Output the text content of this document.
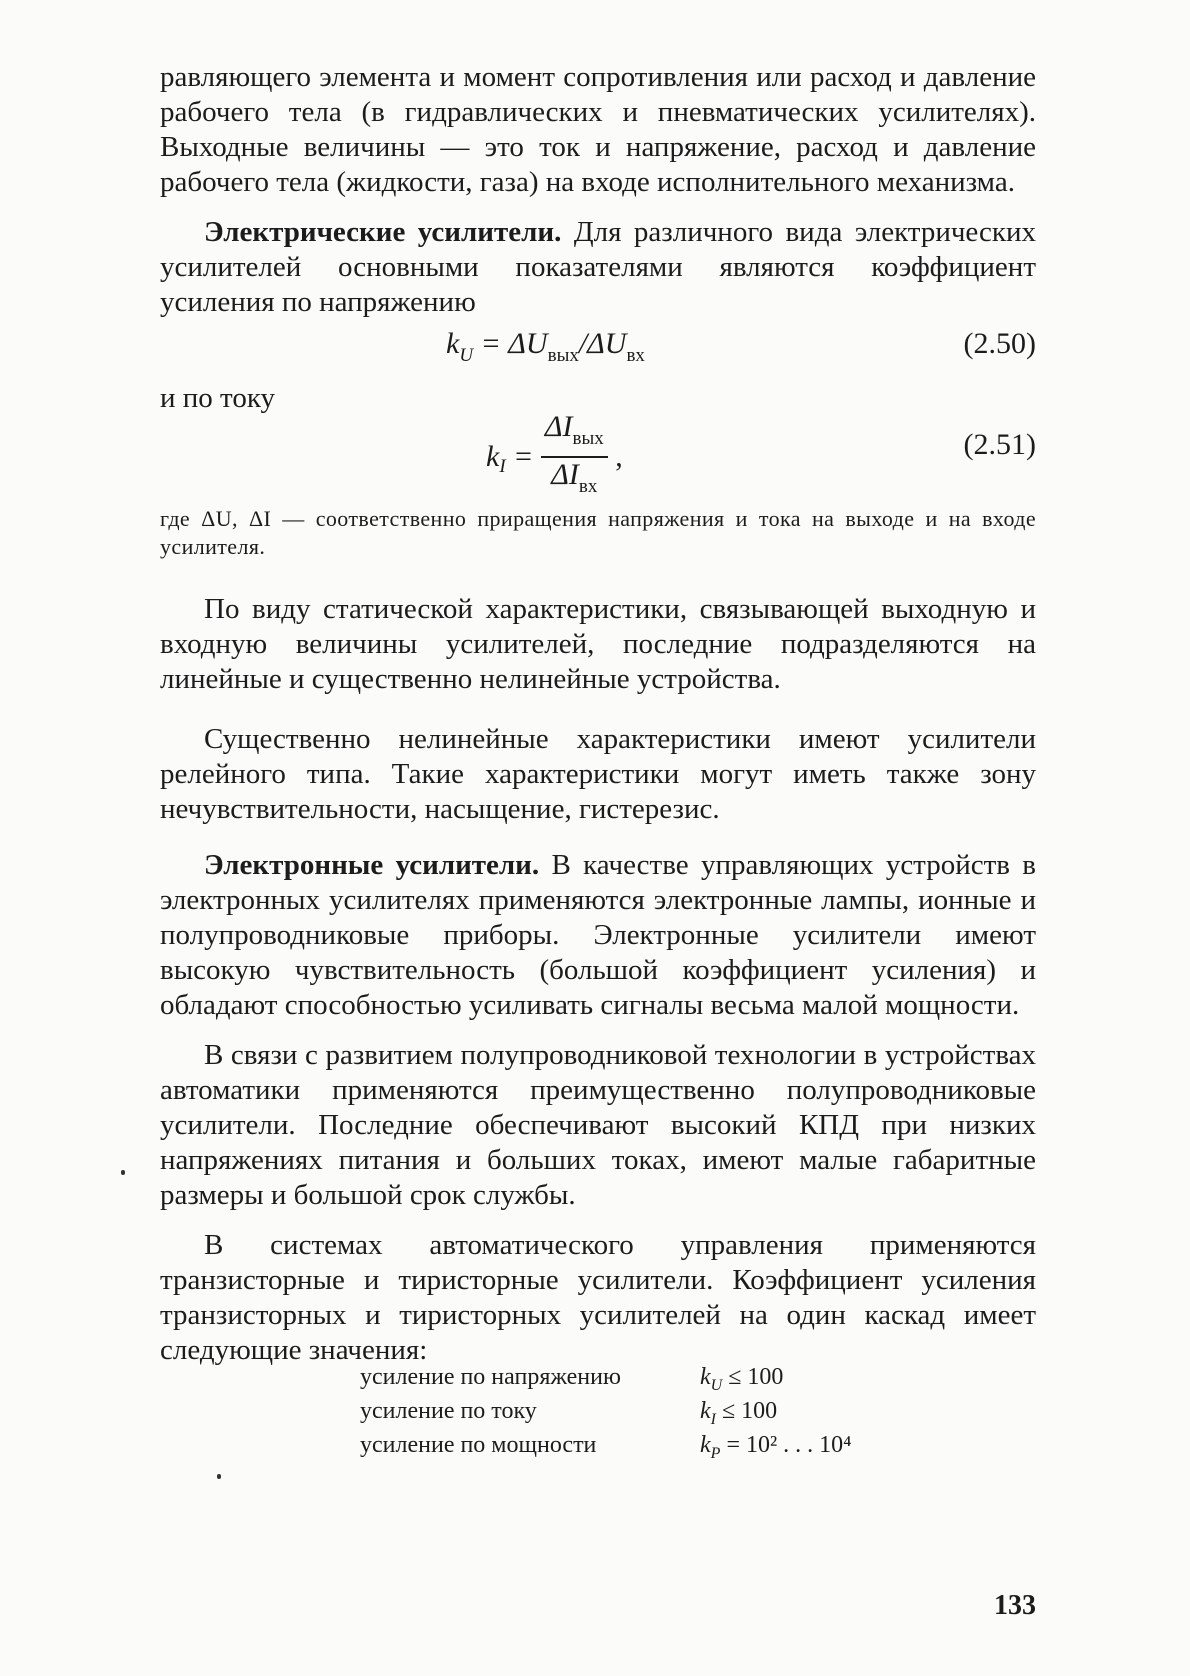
равляющего элемента и момент сопротивления или расход и давление рабочего тела (в гидравлических и пневматических усилителях). Выходные величины — это ток и напряжение, расход и давление рабочего тела (жидкости, газа) на входе исполнительного механизма.

Электрические усилители. Для различного вида электрических усилителей основными показателями являются коэффициент усиления по напряжению

$k_U = \Delta U_{вых}/\Delta U_{вх}$	(2.50)

и по току

$k_I = \frac{\Delta I_{вых}}{\Delta I_{вх}}$ ,	(2.51)

где ΔU, ΔI — соответственно приращения напряжения и тока на выходе и на входе усилителя.

По виду статической характеристики, связывающей выходную и входную величины усилителей, последние подразделяются на линейные и существенно нелинейные устройства.

Существенно нелинейные характеристики имеют усилители релейного типа. Такие характеристики могут иметь также зону нечувствительности, насыщение, гистерезис.

Электронные усилители. В качестве управляющих устройств в электронных усилителях применяются электронные лампы, ионные и полупроводниковые приборы. Электронные усилители имеют высокую чувствительность (большой коэффициент усиления) и обладают способностью усиливать сигналы весьма малой мощности.

В связи с развитием полупроводниковой технологии в устройствах автоматики применяются преимущественно полупроводниковые усилители. Последние обеспечивают высокий КПД при низких напряжениях питания и больших токах, имеют малые габаритные размеры и большой срок службы.

В системах автоматического управления применяются транзисторные и тиристорные усилители. Коэффициент усиления транзисторных и тиристорных усилителей на один каскад имеет следующие значения:

усиление по напряжению	$k_U \le 100$
усиление по току	$k_I \le 100$
усиление по мощности	$k_P = 10^2$ . . . 10⁴
133
